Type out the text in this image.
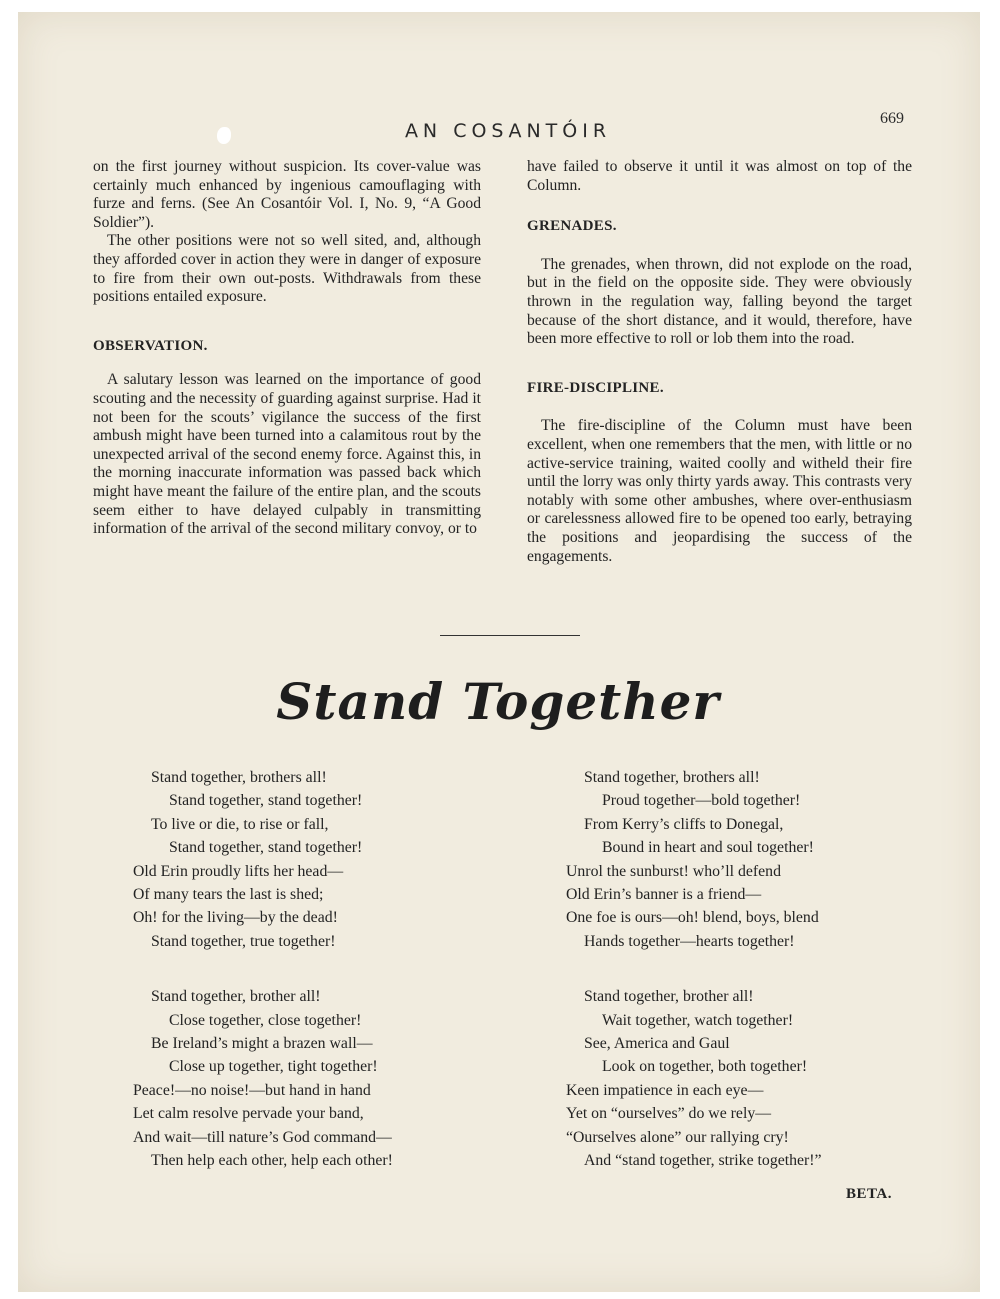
ΑΝ COSΑΝΤÓΙR
669

on the first journey without suspicion. Its cover-value was certainly much enhanced by ingenious camouflaging with furze and ferns. (See An Cosantóir Vol. I, No. 9, “A Good Soldier”).

The other positions were not so well sited, and, although they afforded cover in action they were in danger of exposure to fire from their own out-posts. Withdrawals from these positions entailed exposure.

OBSERVATION.

A salutary lesson was learned on the importance of good scouting and the necessity of guarding against surprise. Had it not been for the scouts’ vigilance the success of the first ambush might have been turned into a calamitous rout by the unexpected arrival of the second enemy force. Against this, in the morning inaccurate information was passed back which might have meant the failure of the entire plan, and the scouts seem either to have delayed culpably in transmitting information of the arrival of the second military convoy, or to

have failed to observe it until it was almost on top of the Column.

GRENADES.

The grenades, when thrown, did not explode on the road, but in the field on the opposite side. They were obviously thrown in the regulation way, falling beyond the target because of the short distance, and it would, therefore, have been more effective to roll or lob them into the road.

FIRE-DISCIPLINE.

The fire-discipline of the Column must have been excellent, when one remembers that the men, with little or no active-service training, waited coolly and witheld their fire until the lorry was only thirty yards away. This contrasts very notably with some other ambushes, where over-enthusiasm or carelessness allowed fire to be opened too early, betraying the positions and jeopardising the success of the engagements.

Stand Together
Stand together, brothers all!
Stand together, stand together!
To live or die, to rise or fall,
Stand together, stand together!
Old Erin proudly lifts her head—
Of many tears the last is shed;
Oh! for the living—by the dead!
Stand together, true together!
Stand together, brother all!
Close together, close together!
Be Ireland’s might a brazen wall—
Close up together, tight together!
Peace!—no noise!—but hand in hand
Let calm resolve pervade your band,
And wait—till nature’s God command—
Then help each other, help each other!
Stand together, brothers all!
Proud together—bold together!
From Kerry’s cliffs to Donegal,
Bound in heart and soul together!
Unrol the sunburst! who’ll defend
Old Erin’s banner is a friend—
One foe is ours—oh! blend, boys, blend
Hands together—hearts together!
Stand together, brother all!
Wait together, watch together!
See, America and Gaul
Look on together, both together!
Keen impatience in each eye—
Yet on “ourselves” do we rely—
“Ourselves alone” our rallying cry!
And “stand together, strike together!”
BETA.
